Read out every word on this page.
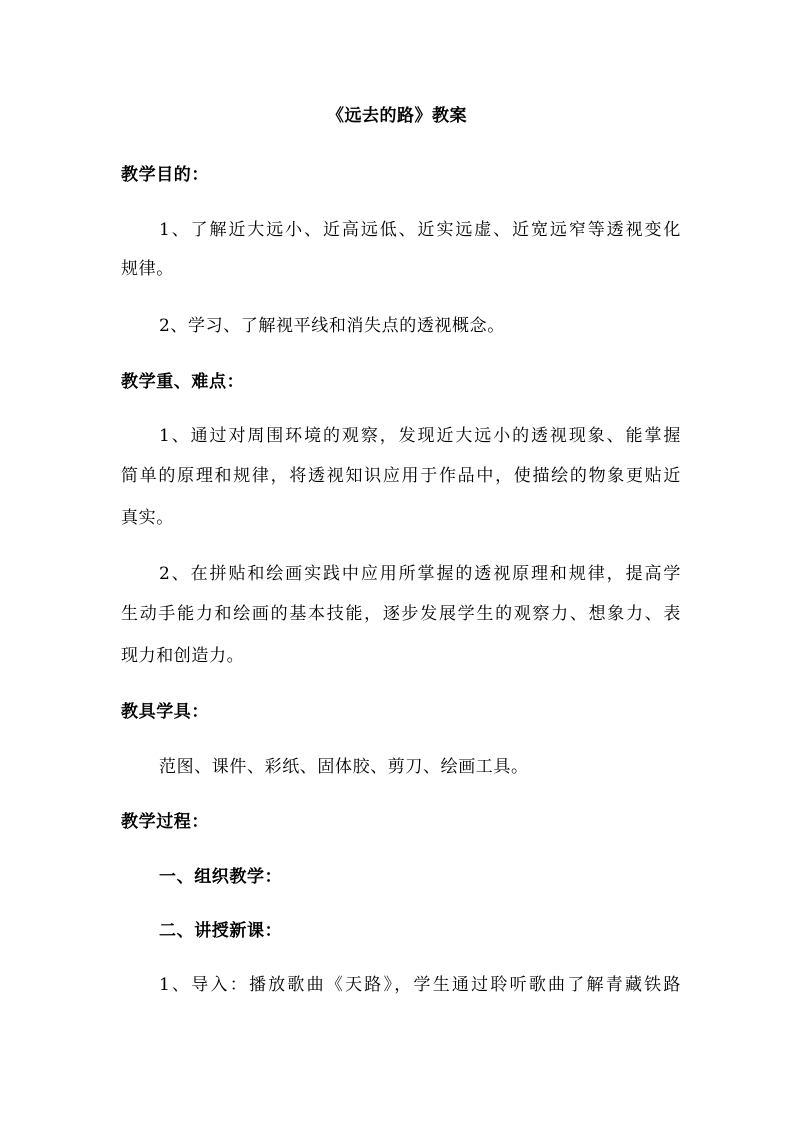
《远去的路》教案
教学目的：
1、了解近大远小、近高远低、近实远虚、近宽远窄等透视变化
规律。
2、学习、了解视平线和消失点的透视概念。
教学重、难点：
1、通过对周围环境的观察，发现近大远小的透视现象、能掌握
简单的原理和规律，将透视知识应用于作品中，使描绘的物象更贴近
真实。
2、在拼贴和绘画实践中应用所掌握的透视原理和规律，提高学
生动手能力和绘画的基本技能，逐步发展学生的观察力、想象力、表
现力和创造力。
教具学具：
范图、课件、彩纸、固体胶、剪刀、绘画工具。
教学过程：
一、组织教学：
二、讲授新课：
1、导入：播放歌曲《天路》，学生通过聆听歌曲了解青藏铁路
